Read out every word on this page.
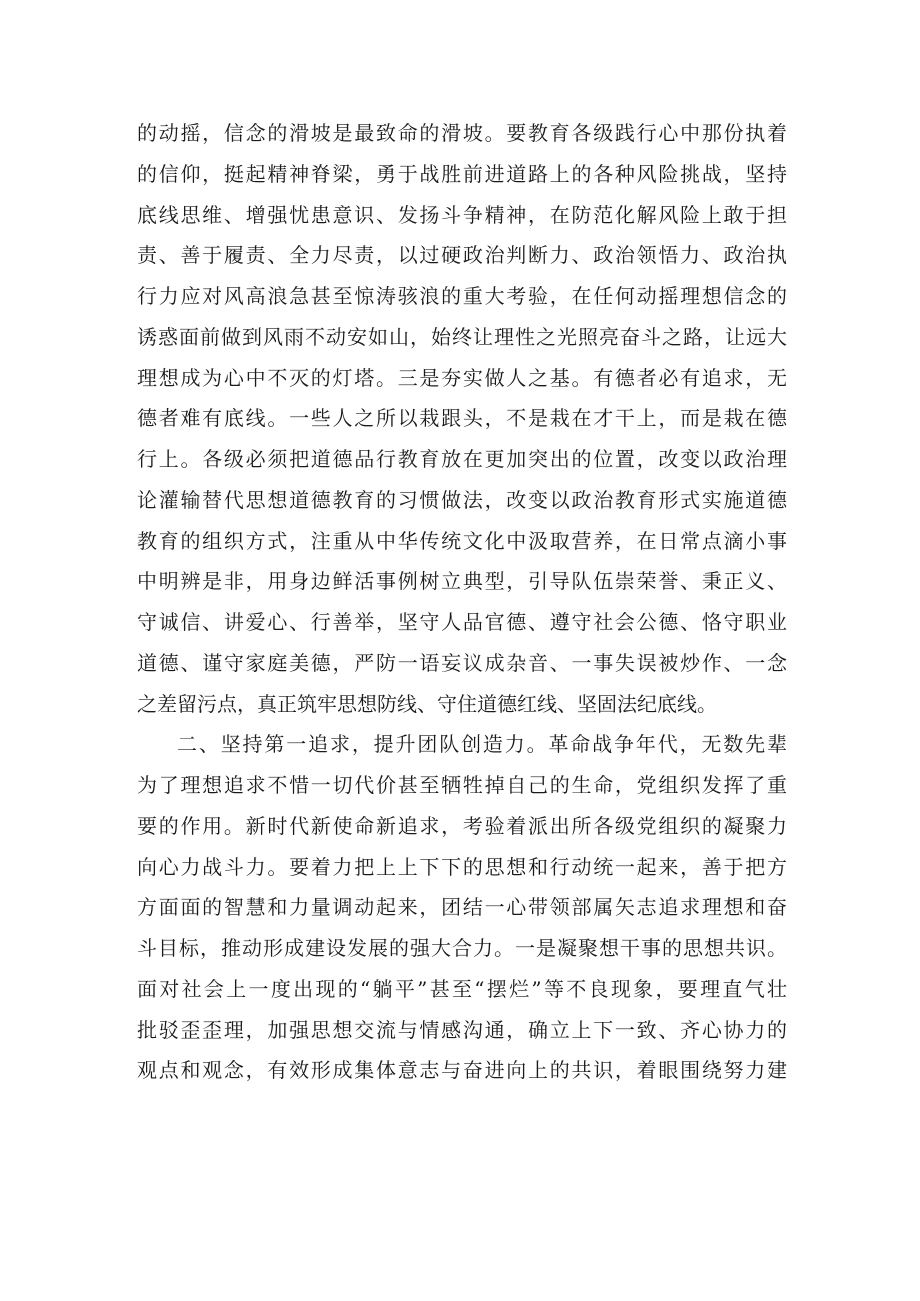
的动摇，信念的滑坡是最致命的滑坡。要教育各级践行心中那份执着
的信仰，挺起精神脊梁，勇于战胜前进道路上的各种风险挑战，坚持
底线思维、增强忧患意识、发扬斗争精神，在防范化解风险上敢于担
责、善于履责、全力尽责，以过硬政治判断力、政治领悟力、政治执
行力应对风高浪急甚至惊涛骇浪的重大考验，在任何动摇理想信念的
诱惑面前做到风雨不动安如山，始终让理性之光照亮奋斗之路，让远大
理想成为心中不灭的灯塔。三是夯实做人之基。有德者必有追求，无
德者难有底线。一些人之所以栽跟头，不是栽在才干上，而是栽在德
行上。各级必须把道德品行教育放在更加突出的位置，改变以政治理
论灌输替代思想道德教育的习惯做法，改变以政治教育形式实施道德
教育的组织方式，注重从中华传统文化中汲取营养，在日常点滴小事
中明辨是非，用身边鲜活事例树立典型，引导队伍崇荣誉、秉正义、
守诚信、讲爱心、行善举，坚守人品官德、遵守社会公德、恪守职业
道德、谨守家庭美德，严防一语妄议成杂音、一事失误被炒作、一念
之差留污点，真正筑牢思想防线、守住道德红线、坚固法纪底线。
二、坚持第一追求，提升团队创造力。革命战争年代，无数先辈
为了理想追求不惜一切代价甚至牺牲掉自己的生命，党组织发挥了重
要的作用。新时代新使命新追求，考验着派出所各级党组织的凝聚力
向心力战斗力。要着力把上上下下的思想和行动统一起来，善于把方
方面面的智慧和力量调动起来，团结一心带领部属矢志追求理想和奋
斗目标，推动形成建设发展的强大合力。一是凝聚想干事的思想共识。
面对社会上一度出现的“躺平”甚至“摆烂”等不良现象，要理直气壮
批驳歪歪理，加强思想交流与情感沟通，确立上下一致、齐心协力的
观点和观念，有效形成集体意志与奋进向上的共识，着眼围绕努力建
